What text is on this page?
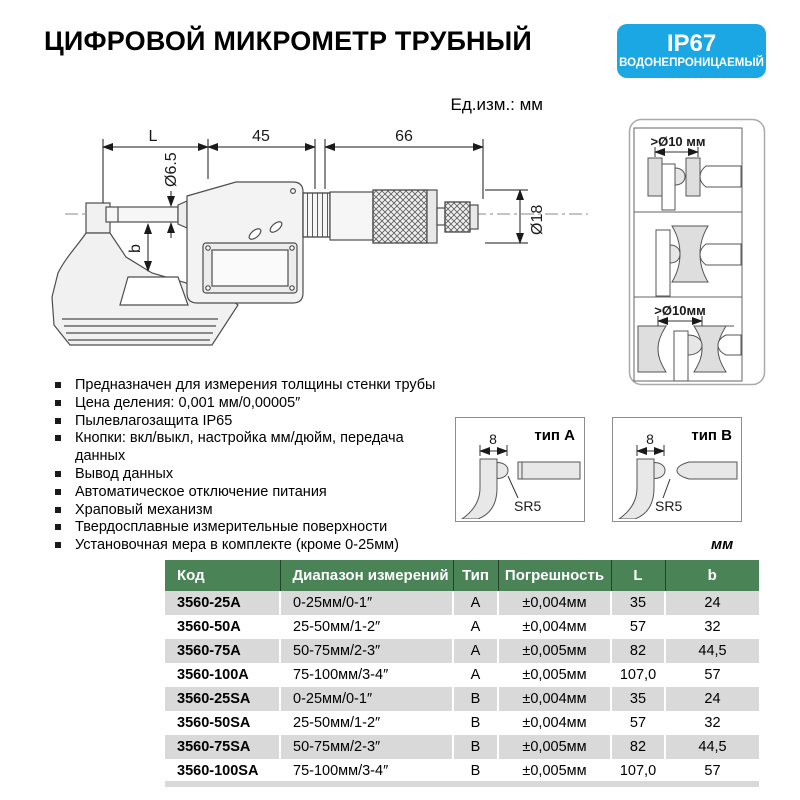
ЦИФРОВОЙ МИКРОМЕТР ТРУБНЫЙ	IP67
ВОДОНЕПРОНИЦАЕМЫЙ
Ед.изм.: мм
L	45	66
Ø6.5
b
Ø18
>Ø10 мм
>Ø10мм
Предназначен для измерения толщины стенки трубы
Цена деления: 0,001 мм/0,00005″
Пылевлагозащита IP65
Кнопки: вкл/выкл, настройка мм/дюйм, передача данных
Вывод данных
Автоматическое отключение питания
Храповый механизм
Твердосплавные измерительные поверхности
Установочная мера в комплекте (кроме 0-25мм)
тип A
8
SR5
тип B
8
SR5
мм
Код	Диапазон измерений	Тип	Погрешность	L	b
3560-25A	0-25мм/0-1″	A	±0,004мм	35	24
3560-50A	25-50мм/1-2″	A	±0,004мм	57	32
3560-75A	50-75мм/2-3″	A	±0,005мм	82	44,5
3560-100A	75-100мм/3-4″	A	±0,005мм	107,0	57
3560-25SA	0-25мм/0-1″	B	±0,004мм	35	24
3560-50SA	25-50мм/1-2″	B	±0,004мм	57	32
3560-75SA	50-75мм/2-3″	B	±0,005мм	82	44,5
3560-100SA	75-100мм/3-4″	B	±0,005мм	107,0	57
